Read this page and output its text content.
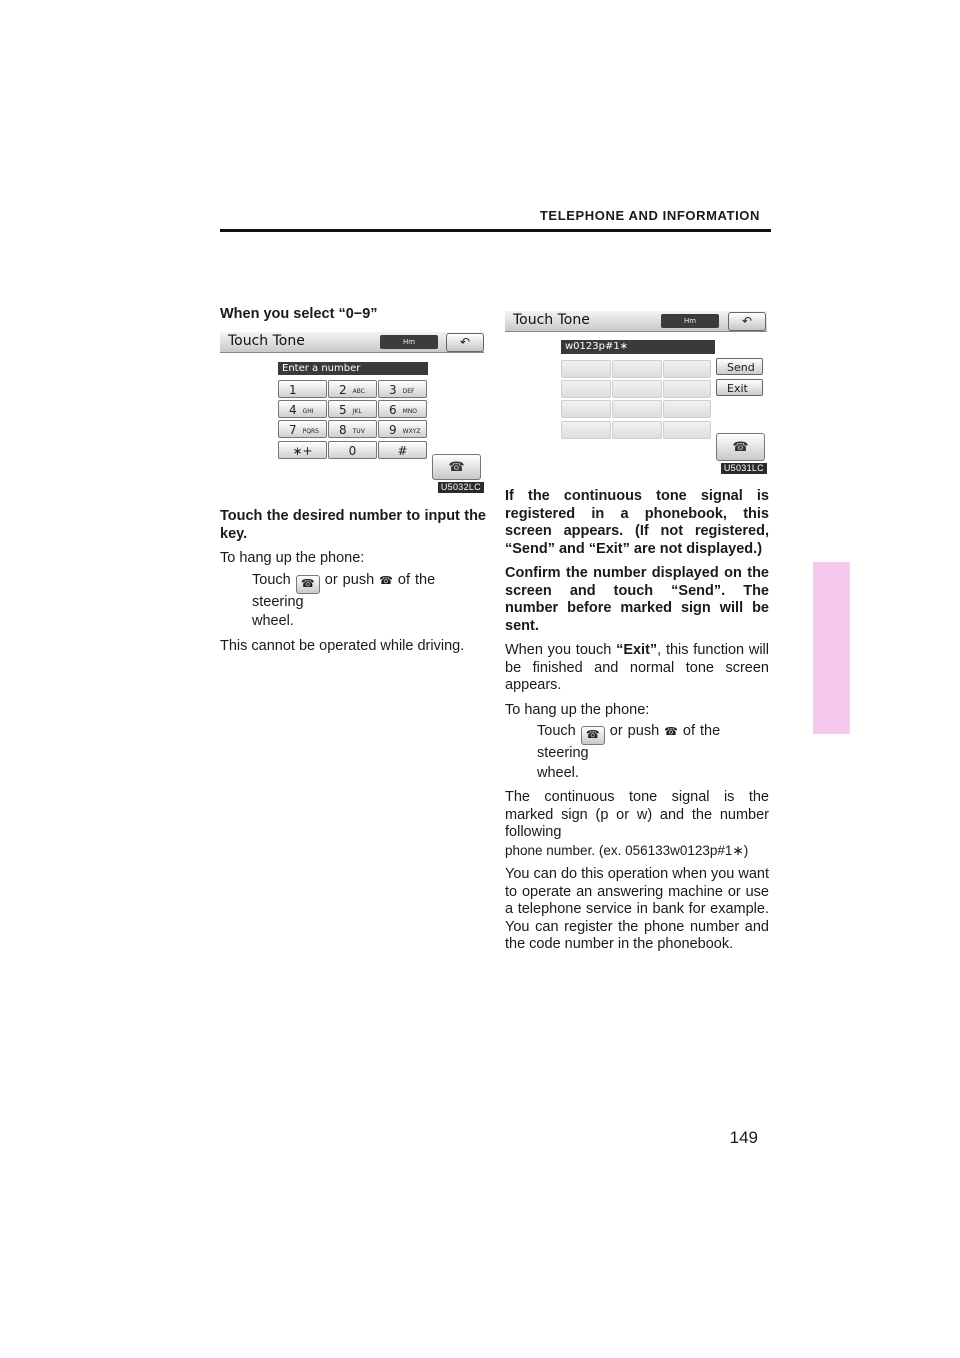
TELEPHONE AND INFORMATION
When you select “0−9”
Touch Tone	Hm	↶
Enter a number
1	2 ABC	3 DEF
4 GHI	5 JKL	6 MNO
7 PQRS	8 TUV	9 WXYZ
∗+	0	#
☎
U5032LC

Touch the desired number to input the key.

To hang up the phone:

Touch ☎ or push ☎ of the steering

wheel.

This cannot be operated while driving.

Touch Tone	Hm	↶
w0123p#1∗
Send
Exit
☎
U5031LC

If the continuous tone signal is registered in a phonebook, this screen appears. (If not registered, “Send” and “Exit” are not displayed.)

Confirm the number displayed on the screen and touch “Send”. The number before marked sign will be sent.

When you touch “Exit”, this function will be finished and normal tone screen appears.

To hang up the phone:

Touch ☎ or push ☎ of the steering

wheel.

The continuous tone signal is the marked sign (p or w) and the number following

phone number. (ex. 056133w0123p#1∗)

You can do this operation when you want to operate an answering machine or use a telephone service in bank for example. You can register the phone number and the code number in the phonebook.

149
